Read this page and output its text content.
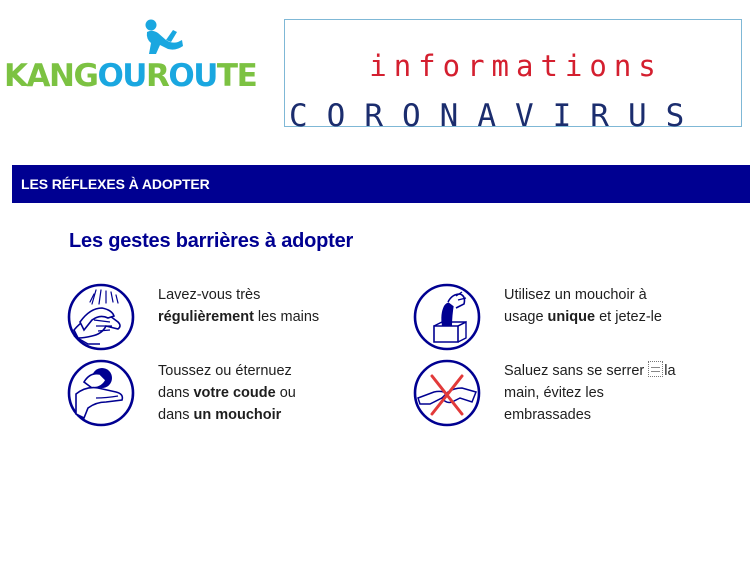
KANGOUROUTE	informations
CORONAVIRUS
LES RÉFLEXES À ADOPTER
Les gestes barrières à adopter
Lavez-vous très
régulièrement les mains
Utilisez un mouchoir à
usage unique et jetez-le
Toussez ou éternuez
dans votre coude ou
dans un mouchoir
Saluez sans se serrer la
main, évitez les
embrassades
